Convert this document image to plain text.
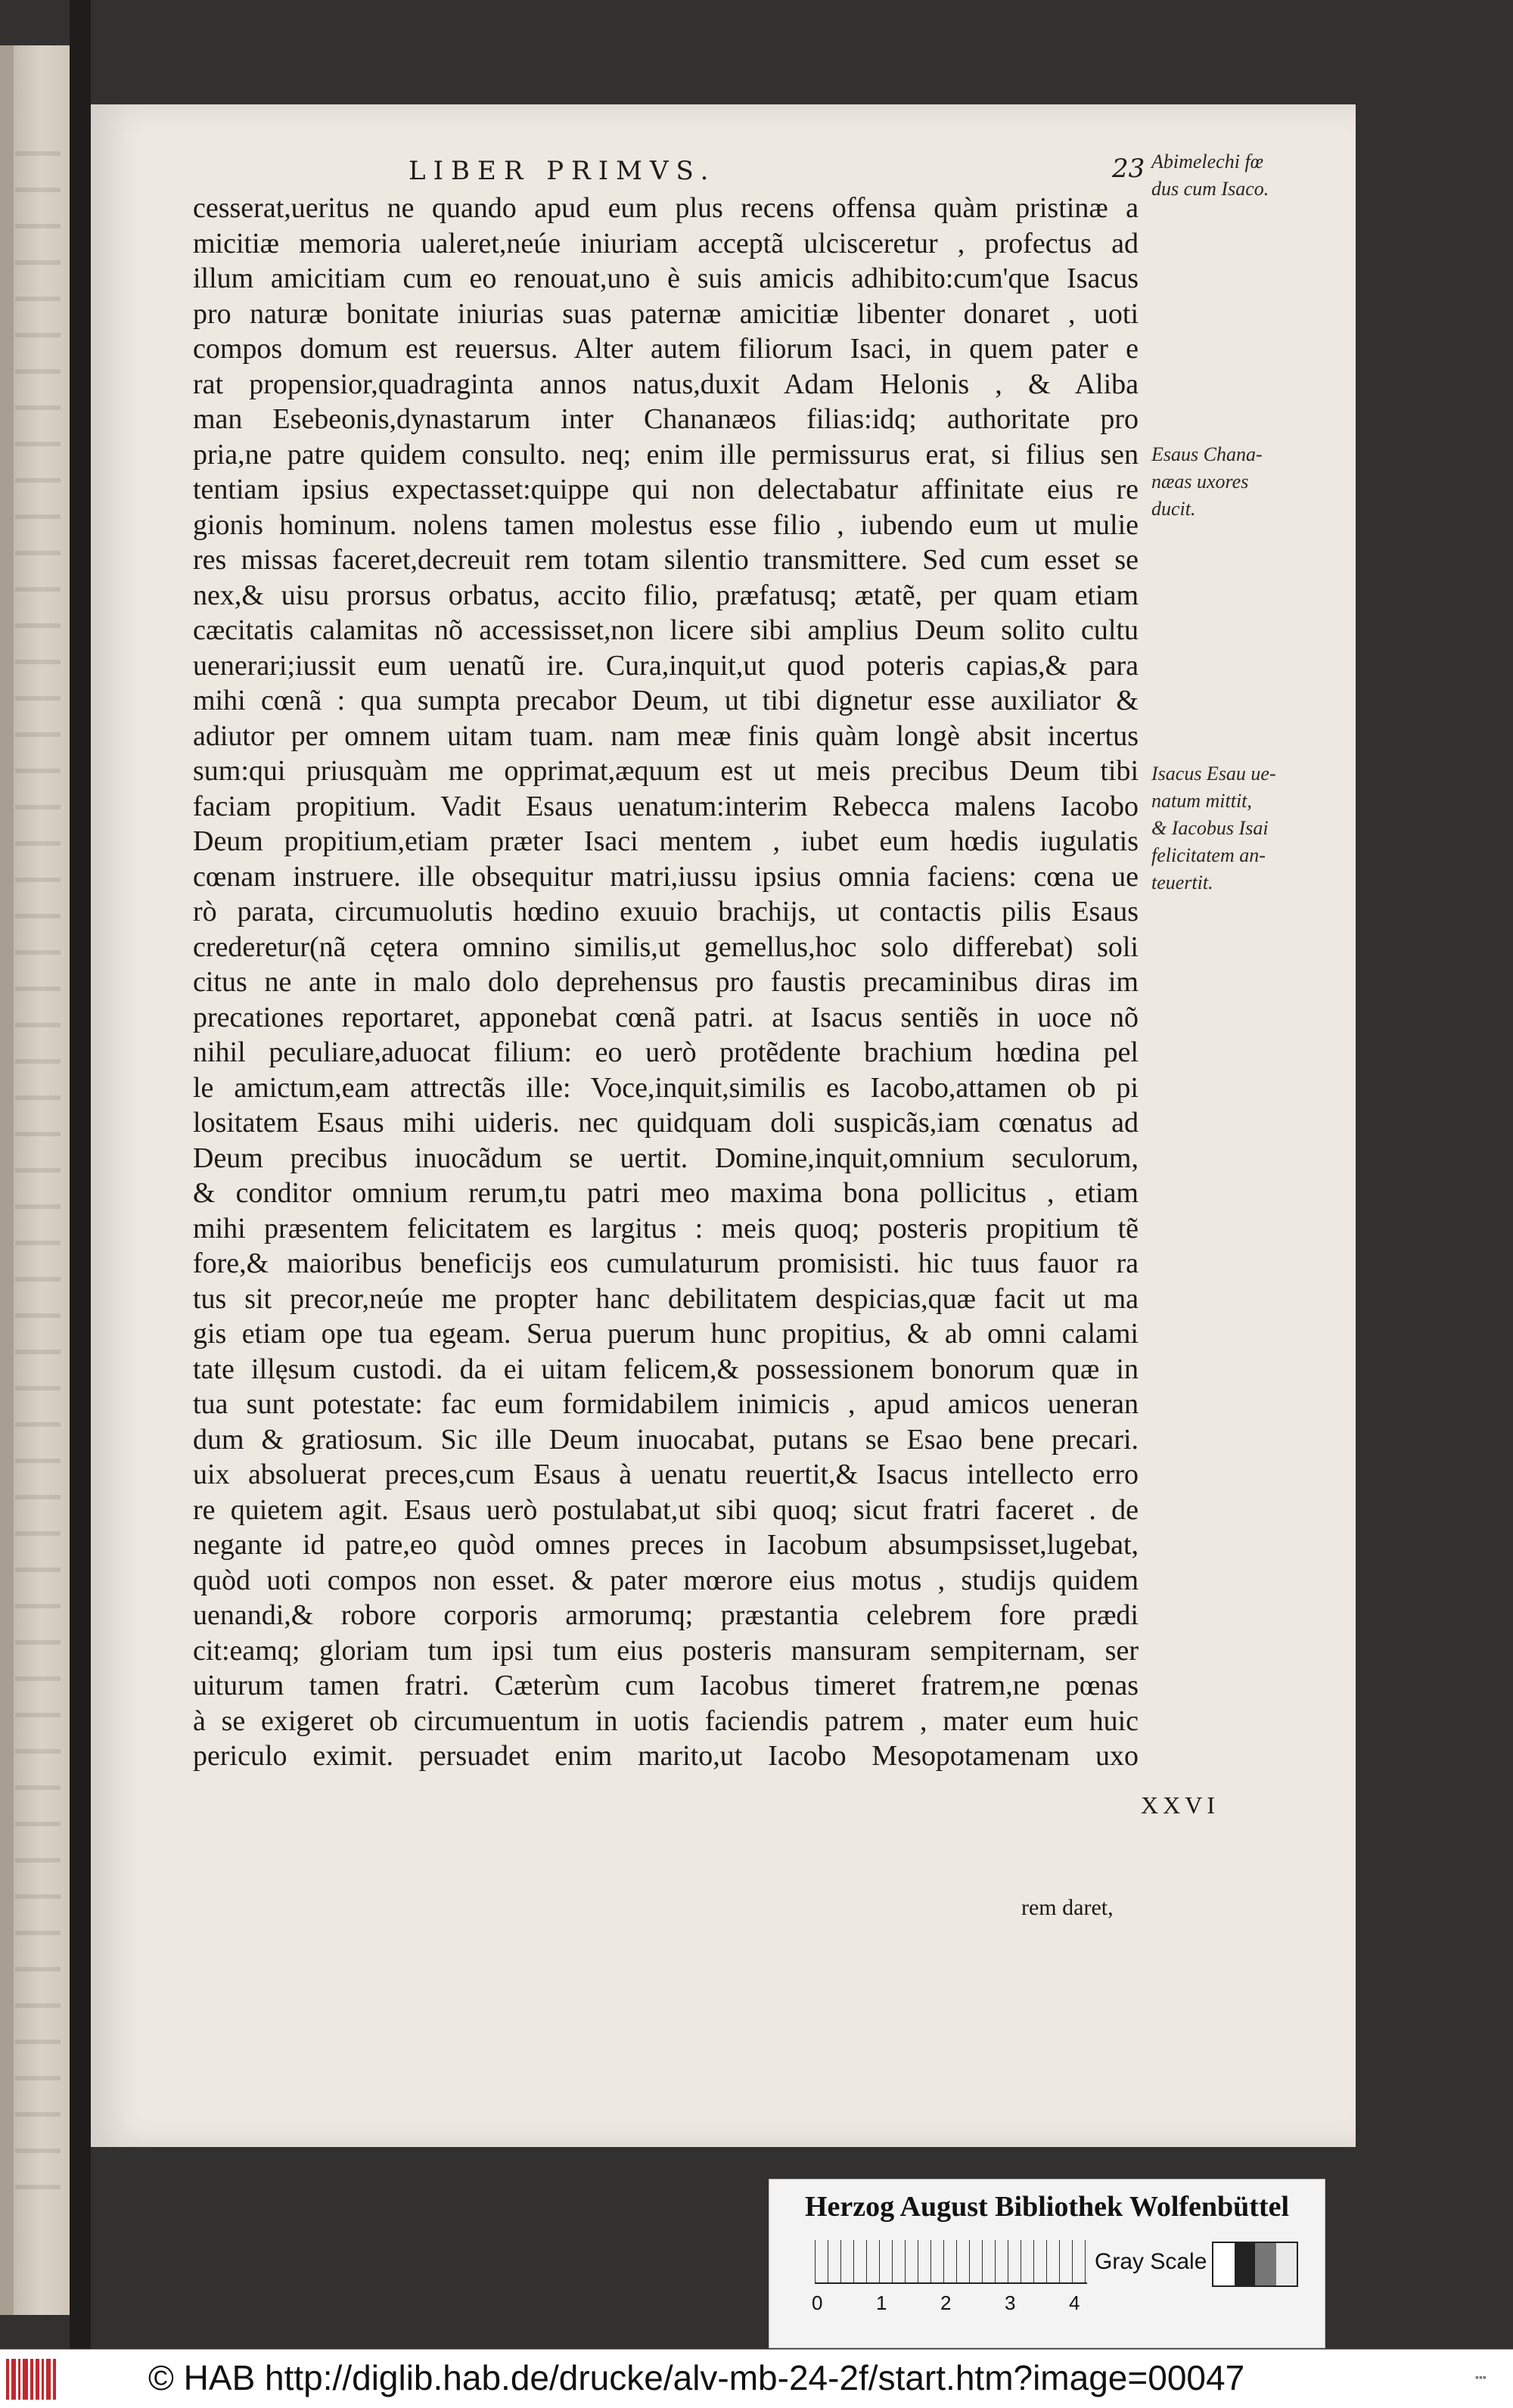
LIBER PRIMVS.	23
cesserat,ueritus ne quando apud eum plus recens offensa quàm pristinæ a
micitiæ memoria ualeret,neúe iniuriam acceptã ulcisceretur , profectus ad
illum amicitiam cum eo renouat,uno è suis amicis adhibito:cum'que Isacus
pro naturæ bonitate iniurias suas paternæ amicitiæ libenter donaret , uoti
compos domum est reuersus. Alter autem filiorum Isaci, in quem pater e
rat propensior,quadraginta annos natus,duxit Adam Helonis , & Aliba
man Esebeonis,dynastarum inter Chananæos filias:idq; authoritate pro
pria,ne patre quidem consulto. neq; enim ille permissurus erat, si filius sen
tentiam ipsius expectasset:quippe qui non delectabatur affinitate eius re
gionis hominum. nolens tamen molestus esse filio , iubendo eum ut mulie
res missas faceret,decreuit rem totam silentio transmittere. Sed cum esset se
nex,& uisu prorsus orbatus, accito filio, præfatusq; ætatẽ, per quam etiam
cæcitatis calamitas nõ accessisset,non licere sibi amplius Deum solito cultu
uenerari;iussit eum uenatũ ire. Cura,inquit,ut quod poteris capias,& para
mihi cœnã : qua sumpta precabor Deum, ut tibi dignetur esse auxiliator &
adiutor per omnem uitam tuam. nam meæ finis quàm longè absit incertus
sum:qui priusquàm me opprimat,æquum est ut meis precibus Deum tibi
faciam propitium. Vadit Esaus uenatum:interim Rebecca malens Iacobo
Deum propitium,etiam præter Isaci mentem , iubet eum hœdis iugulatis
cœnam instruere. ille obsequitur matri,iussu ipsius omnia faciens: cœna ue
rò parata, circumuolutis hœdino exuuio brachijs, ut contactis pilis Esaus
crederetur(nã cętera omnino similis,ut gemellus,hoc solo differebat) soli
citus ne ante in malo dolo deprehensus pro faustis precaminibus diras im
precationes reportaret, apponebat cœnã patri. at Isacus sentiẽs in uoce nõ
nihil peculiare,aduocat filium: eo uerò protẽdente brachium hœdina pel
le amictum,eam attrectãs ille: Voce,inquit,similis es Iacobo,attamen ob pi
lositatem Esaus mihi uideris. nec quidquam doli suspicãs,iam cœnatus ad
Deum precibus inuocãdum se uertit. Domine,inquit,omnium seculorum,
& conditor omnium rerum,tu patri meo maxima bona pollicitus , etiam
mihi præsentem felicitatem es largitus : meis quoq; posteris propitium tẽ
fore,& maioribus beneficijs eos cumulaturum promisisti. hic tuus fauor ra
tus sit precor,neúe me propter hanc debilitatem despicias,quæ facit ut ma
gis etiam ope tua egeam. Serua puerum hunc propitius, & ab omni calami
tate illęsum custodi. da ei uitam felicem,& possessionem bonorum quæ in
tua sunt potestate: fac eum formidabilem inimicis , apud amicos ueneran
dum & gratiosum. Sic ille Deum inuocabat, putans se Esao bene precari.
uix absoluerat preces,cum Esaus à uenatu reuertit,& Isacus intellecto erro
re quietem agit. Esaus uerò postulabat,ut sibi quoq; sicut fratri faceret . de
negante id patre,eo quòd omnes preces in Iacobum absumpsisset,lugebat,
quòd uoti compos non esset. & pater mœrore eius motus , studijs quidem
uenandi,& robore corporis armorumq; præstantia celebrem fore prædi
cit:eamq; gloriam tum ipsi tum eius posteris mansuram sempiternam, ser
uiturum tamen fratri. Cæterùm cum Iacobus timeret fratrem,ne pœnas
à se exigeret ob circumuentum in uotis faciendis patrem , mater eum huic
periculo eximit. persuadet enim marito,ut Iacobo Mesopotamenam uxo
rem daret,
XXVI
Abimelechi fœ
dus cum Isaco.
Esaus Chana-
næas uxores
ducit.
Isacus Esau ue-
natum mittit,
& Iacobus Isai
felicitatem an-
teuertit.
Herzog August Bibliothek Wolfenbüttel
0	1	2	3	4
Gray Scale
© HAB http://diglib.hab.de/drucke/alv-mb-24-2f/start.htm?image=00047	▪▪▪
